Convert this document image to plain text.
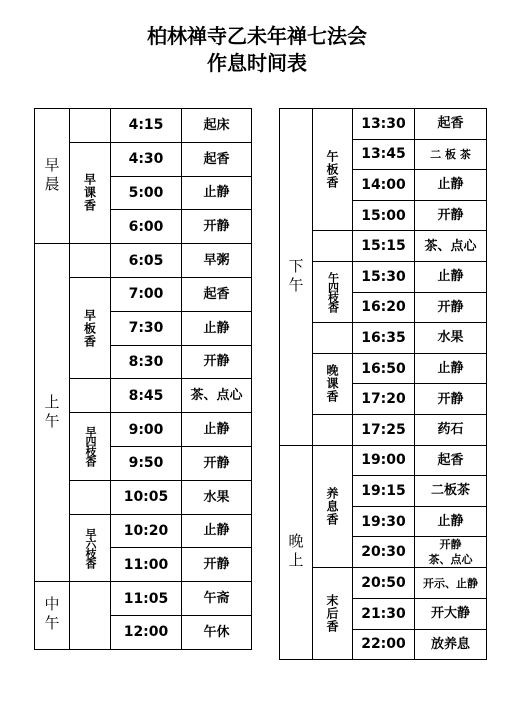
柏林禅寺乙未年禅七法会
作息时间表
早晨		4:15	起床
	早课香	4:30	起香
		5:00	止静
		6:00	开静
上午		6:05	早粥
	早板香	7:00	起香
		7:30	止静
		8:30	开静
		8:45	茶、点心
	早四枝香	9:00	止静
		9:50	开静
		10:05	水果
	早六枝香	10:20	止静
		11:00	开静
中午		11:05	午斋
		12:00	午休
下午	午板香	13:30	起香
		13:45	二 板 茶
		14:00	止静
		15:00	开静
		15:15	茶、点心
	午四枝香	15:30	止静
		16:20	开静
		16:35	水果
	晚课香	16:50	止静
		17:20	开静
		17:25	药石
晚上	养息香	19:00	起香
		19:15	二板茶
		19:30	止静
		20:30	开静
茶、点心
	末后香	20:50	开示、止静
		21:30	开大静
		22:00	放养息
